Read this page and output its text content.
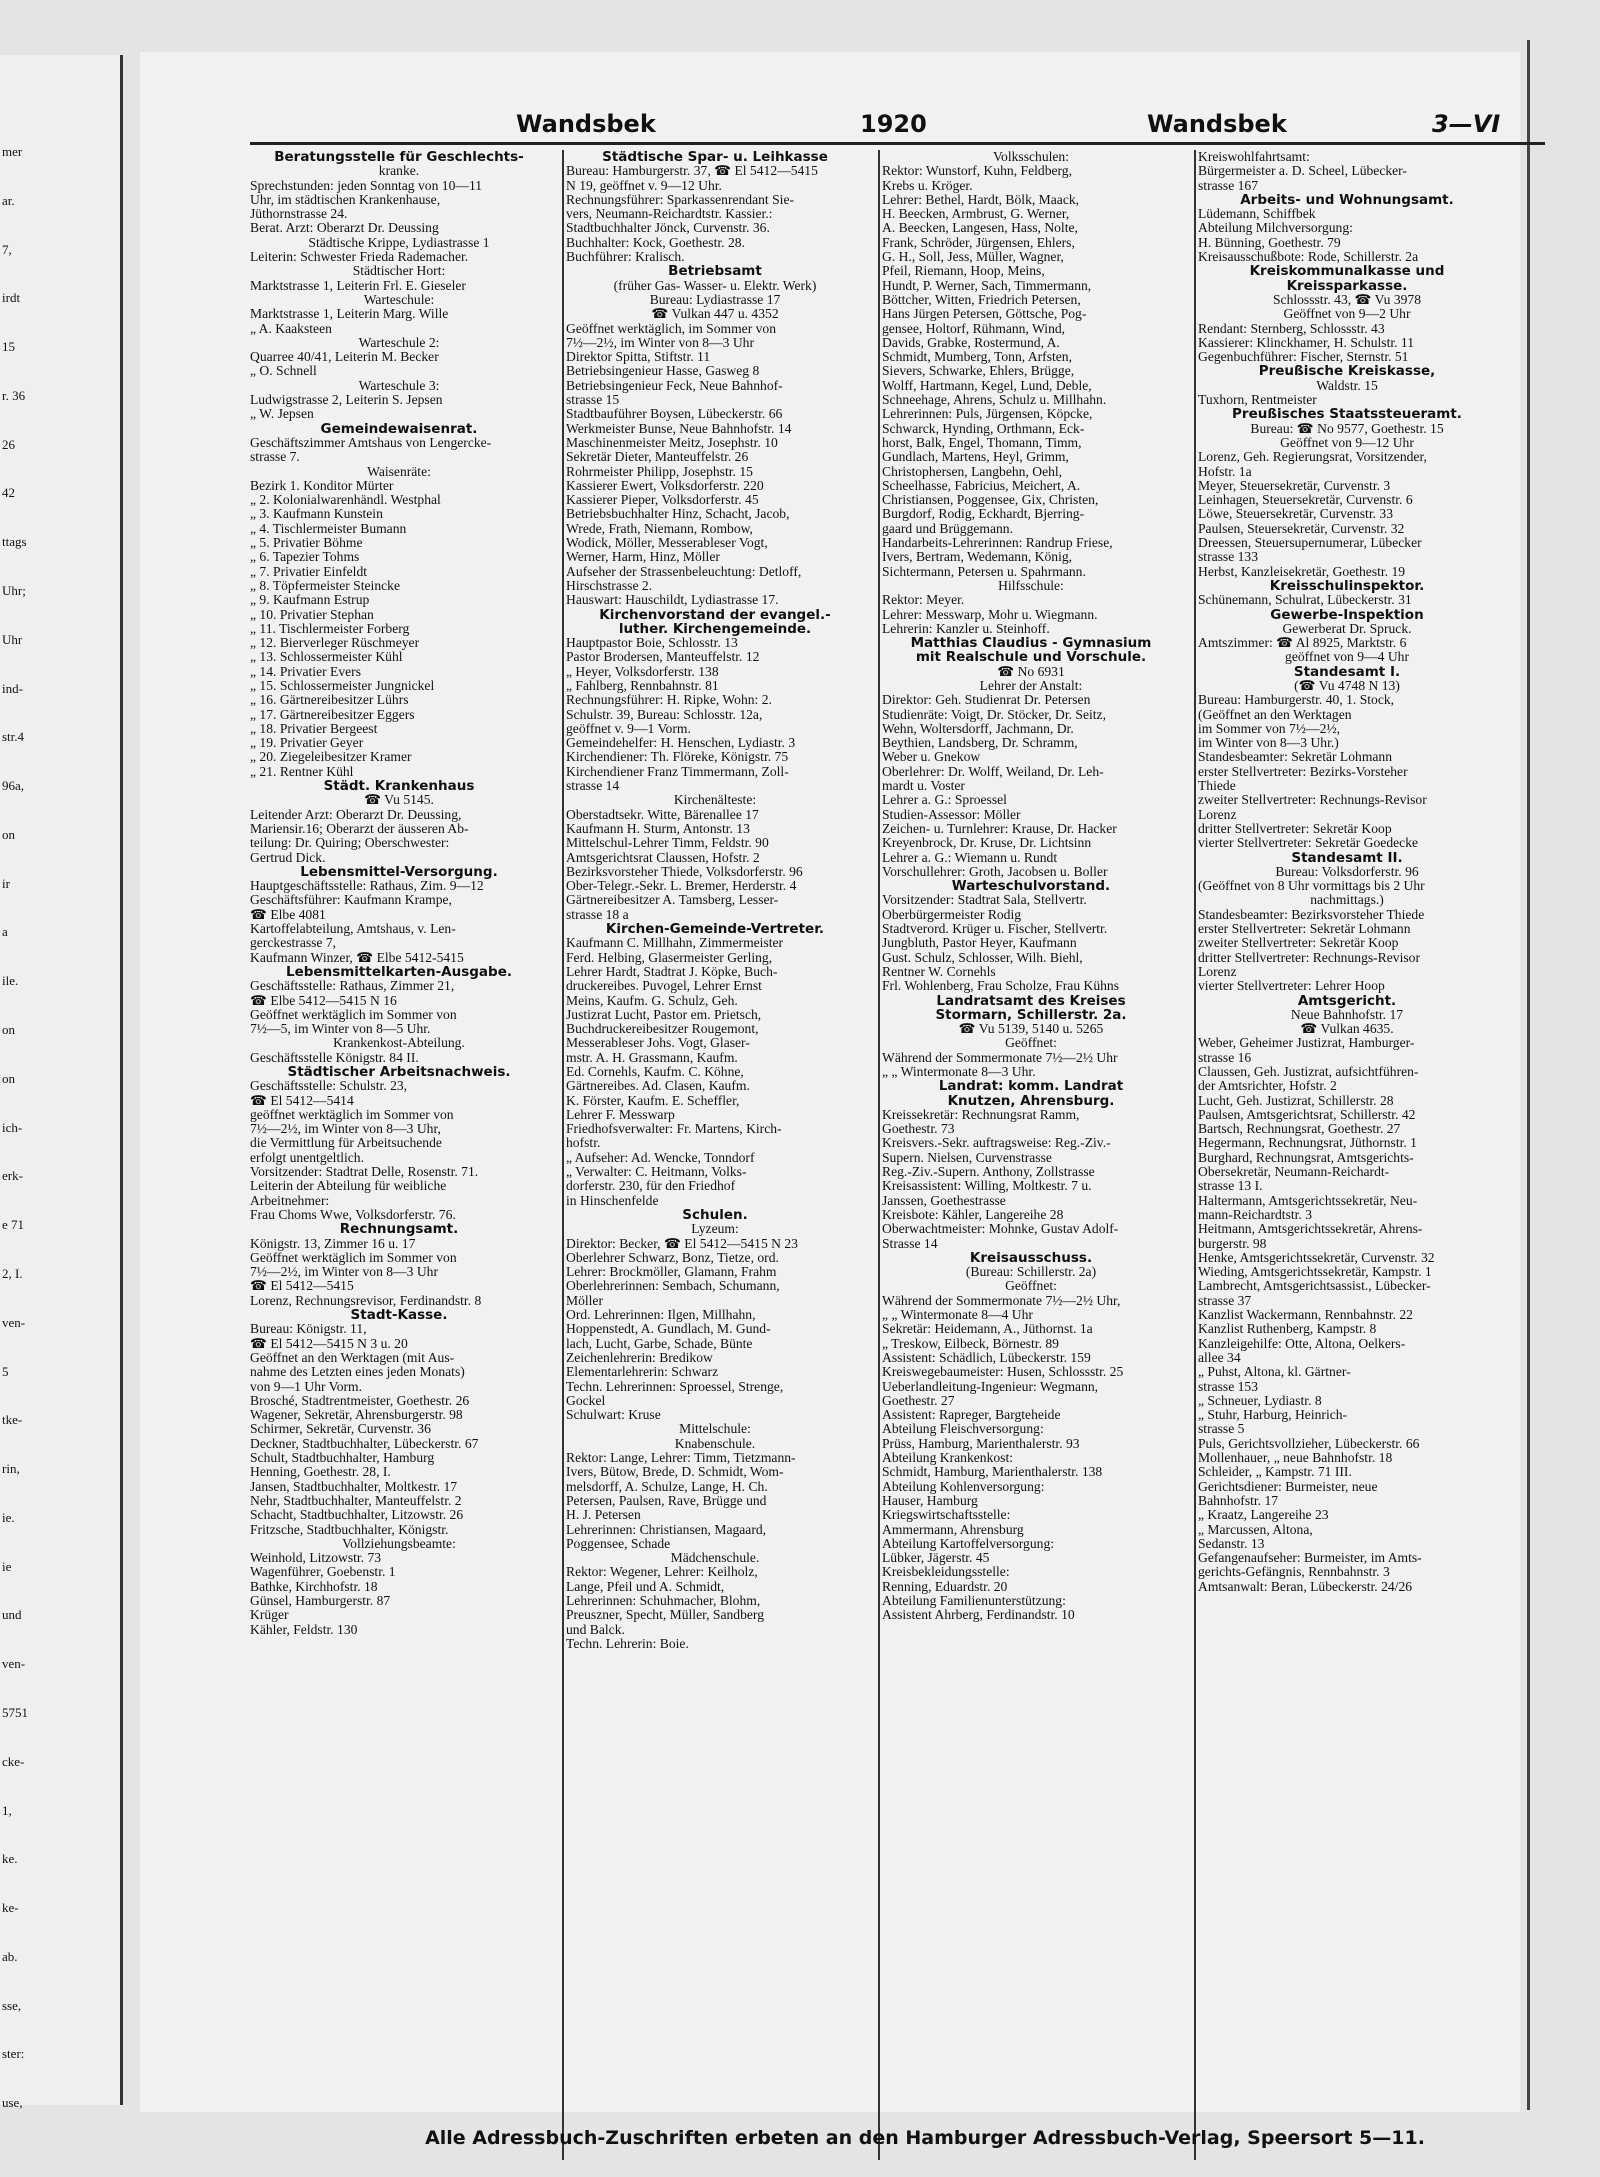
mer
ar.
7,
irdt
15
r. 36
26
42
ttags
Uhr;
Uhr
ind-
str.4
96a,
on
ir
a
ile.
on
on
ich-
erk-
e 71
2, I.
ven-
5
tke-
rin,
ie.
ie
und
ven-
5751
cke-
1,
ke.
ke-
ab.
sse,
ster:
use,
Wandsbek	1920	Wandsbek	3—VI
Beratungsstelle für Geschlechts-
kranke.
Sprechstunden: jeden Sonntag von 10—11
Uhr, im städtischen Krankenhause,
Jüthornstrasse 24.
Berat. Arzt: Oberarzt Dr. Deussing
Städtische Krippe, Lydiastrasse 1
Leiterin: Schwester Frieda Rademacher.
Städtischer Hort:
Marktstrasse 1, Leiterin Frl. E. Gieseler
Warteschule:
Marktstrasse 1, Leiterin Marg. Wille
„ A. Kaaksteen
Warteschule 2:
Quarree 40/41, Leiterin M. Becker
„ O. Schnell
Warteschule 3:
Ludwigstrasse 2, Leiterin S. Jepsen
„ W. Jepsen
Gemeindewaisenrat.
Geschäftszimmer Amtshaus von Lengercke-
strasse 7.
Waisenräte:
Bezirk 1. Konditor Mürter
„ 2. Kolonialwarenhändl. Westphal
„ 3. Kaufmann Kunstein
„ 4. Tischlermeister Bumann
„ 5. Privatier Böhme
„ 6. Tapezier Tohms
„ 7. Privatier Einfeldt
„ 8. Töpfermeister Steincke
„ 9. Kaufmann Estrup
„ 10. Privatier Stephan
„ 11. Tischlermeister Forberg
„ 12. Bierverleger Rüschmeyer
„ 13. Schlossermeister Kühl
„ 14. Privatier Evers
„ 15. Schlossermeister Jungnickel
„ 16. Gärtnereibesitzer Lührs
„ 17. Gärtnereibesitzer Eggers
„ 18. Privatier Bergeest
„ 19. Privatier Geyer
„ 20. Ziegeleibesitzer Kramer
„ 21. Rentner Kühl
Städt. Krankenhaus
☎ Vu 5145.
Leitender Arzt: Oberarzt Dr. Deussing,
Mariensir.16; Oberarzt der äusseren Ab-
teilung: Dr. Quiring; Oberschwester:
Gertrud Dick.
Lebensmittel-Versorgung.
Hauptgeschäftsstelle: Rathaus, Zim. 9—12
Geschäftsführer: Kaufmann Krampe,
☎ Elbe 4081
Kartoffelabteilung, Amtshaus, v. Len-
gerckestrasse 7,
Kaufmann Winzer, ☎ Elbe 5412-5415
Lebensmittelkarten-Ausgabe.
Geschäftsstelle: Rathaus, Zimmer 21,
☎ Elbe 5412—5415 N 16
Geöffnet werktäglich im Sommer von
7½—5, im Winter von 8—5 Uhr.
Krankenkost-Abteilung.
Geschäftsstelle Königstr. 84 II.
Städtischer Arbeitsnachweis.
Geschäftsstelle: Schulstr. 23,
☎ El 5412—5414
geöffnet werktäglich im Sommer von
7½—2½, im Winter von 8—3 Uhr,
die Vermittlung für Arbeitsuchende
erfolgt unentgeltlich.
Vorsitzender: Stadtrat Delle, Rosenstr. 71.
Leiterin der Abteilung für weibliche
Arbeitnehmer:
Frau Choms Wwe, Volksdorferstr. 76.
Rechnungsamt.
Königstr. 13, Zimmer 16 u. 17
Geöffnet werktäglich im Sommer von
7½—2½, im Winter von 8—3 Uhr
☎ El 5412—5415
Lorenz, Rechnungsrevisor, Ferdinandstr. 8
Stadt-Kasse.
Bureau: Königstr. 11,
☎ El 5412—5415 N 3 u. 20
Geöffnet an den Werktagen (mit Aus-
nahme des Letzten eines jeden Monats)
von 9—1 Uhr Vorm.
Brosché, Stadtrentmeister, Goethestr. 26
Wagener, Sekretär, Ahrensburgerstr. 98
Schirmer, Sekretär, Curvenstr. 36
Deckner, Stadtbuchhalter, Lübeckerstr. 67
Schult, Stadtbuchhalter, Hamburg
Henning, Goethestr. 28, I.
Jansen, Stadtbuchhalter, Moltkestr. 17
Nehr, Stadtbuchhalter, Manteuffelstr. 2
Schacht, Stadtbuchhalter, Litzowstr. 26
Fritzsche, Stadtbuchhalter, Königstr.
Vollziehungsbeamte:
Weinhold, Litzowstr. 73
Wagenführer, Goebenstr. 1
Bathke, Kirchhofstr. 18
Günsel, Hamburgerstr. 87
Krüger
Kähler, Feldstr. 130
Städtische Spar- u. Leihkasse
Bureau: Hamburgerstr. 37, ☎ El 5412—5415
N 19, geöffnet v. 9—12 Uhr.
Rechnungsführer: Sparkassenrendant Sie-
vers, Neumann-Reichardtstr. Kassier.:
Stadtbuchhalter Jönck, Curvenstr. 36.
Buchhalter: Kock, Goethestr. 28.
Buchführer: Kralisch.
Betriebsamt
(früher Gas- Wasser- u. Elektr. Werk)
Bureau: Lydiastrasse 17
☎ Vulkan 447 u. 4352
Geöffnet werktäglich, im Sommer von
7½—2½, im Winter von 8—3 Uhr
Direktor Spitta, Stiftstr. 11
Betriebsingenieur Hasse, Gasweg 8
Betriebsingenieur Feck, Neue Bahnhof-
strasse 15
Stadtbauführer Boysen, Lübeckerstr. 66
Werkmeister Bunse, Neue Bahnhofstr. 14
Maschinenmeister Meitz, Josephstr. 10
Sekretär Dieter, Manteuffelstr. 26
Rohrmeister Philipp, Josephstr. 15
Kassierer Ewert, Volksdorferstr. 220
Kassierer Pieper, Volksdorferstr. 45
Betriebsbuchhalter Hinz, Schacht, Jacob,
Wrede, Frath, Niemann, Rombow,
Wodick, Möller, Messerableser Vogt,
Werner, Harm, Hinz, Möller
Aufseher der Strassenbeleuchtung: Detloff,
Hirschstrasse 2.
Hauswart: Hauschildt, Lydiastrasse 17.
Kirchenvorstand der evangel.-
luther. Kirchengemeinde.
Hauptpastor Boie, Schlosstr. 13
Pastor Brodersen, Manteuffelstr. 12
„ Heyer, Volksdorferstr. 138
„ Fahlberg, Rennbahnstr. 81
Rechnungsführer: H. Ripke, Wohn: 2.
Schulstr. 39, Bureau: Schlosstr. 12a,
geöffnet v. 9—1 Vorm.
Gemeindehelfer: H. Henschen, Lydiastr. 3
Kirchendiener: Th. Flöreke, Königstr. 75
Kirchendiener Franz Timmermann, Zoll-
strasse 14
Kirchenälteste:
Oberstadtsekr. Witte, Bärenallee 17
Kaufmann H. Sturm, Antonstr. 13
Mittelschul-Lehrer Timm, Feldstr. 90
Amtsgerichtsrat Claussen, Hofstr. 2
Bezirksvorsteher Thiede, Volksdorferstr. 96
Ober-Telegr.-Sekr. L. Bremer, Herderstr. 4
Gärtnereibesitzer A. Tamsberg, Lesser-
strasse 18 a
Kirchen-Gemeinde-Vertreter.
Kaufmann C. Millhahn, Zimmermeister
Ferd. Helbing, Glasermeister Gerling,
Lehrer Hardt, Stadtrat J. Köpke, Buch-
druckereibes. Puvogel, Lehrer Ernst
Meins, Kaufm. G. Schulz, Geh.
Justizrat Lucht, Pastor em. Prietsch,
Buchdruckereibesitzer Rougemont,
Messerableser Johs. Vogt, Glaser-
mstr. A. H. Grassmann, Kaufm.
Ed. Cornehls, Kaufm. C. Köhne,
Gärtnereibes. Ad. Clasen, Kaufm.
K. Förster, Kaufm. E. Scheffler,
Lehrer F. Messwarp
Friedhofsverwalter: Fr. Martens, Kirch-
hofstr.
„ Aufseher: Ad. Wencke, Tonndorf
„ Verwalter: C. Heitmann, Volks-
dorferstr. 230, für den Friedhof
in Hinschenfelde
Schulen.
Lyzeum:
Direktor: Becker, ☎ El 5412—5415 N 23
Oberlehrer Schwarz, Bonz, Tietze, ord.
Lehrer: Brockmöller, Glamann, Frahm
Oberlehrerinnen: Sembach, Schumann,
Möller
Ord. Lehrerinnen: Ilgen, Millhahn,
Hoppenstedt, A. Gundlach, M. Gund-
lach, Lucht, Garbe, Schade, Bünte
Zeichenlehrerin: Bredikow
Elementarlehrerin: Schwarz
Techn. Lehrerinnen: Sproessel, Strenge,
Gockel
Schulwart: Kruse
Mittelschule:
Knabenschule.
Rektor: Lange, Lehrer: Timm, Tietzmann-
Ivers, Bütow, Brede, D. Schmidt, Wom-
melsdorff, A. Schulze, Lange, H. Ch.
Petersen, Paulsen, Rave, Brügge und
H. J. Petersen
Lehrerinnen: Christiansen, Magaard,
Poggensee, Schade
Mädchenschule.
Rektor: Wegener, Lehrer: Keilholz,
Lange, Pfeil und A. Schmidt,
Lehrerinnen: Schuhmacher, Blohm,
Preuszner, Specht, Müller, Sandberg
und Balck.
Techn. Lehrerin: Boie.
Volksschulen:
Rektor: Wunstorf, Kuhn, Feldberg,
Krebs u. Kröger.
Lehrer: Bethel, Hardt, Bölk, Maack,
H. Beecken, Armbrust, G. Werner,
A. Beecken, Langesen, Hass, Nolte,
Frank, Schröder, Jürgensen, Ehlers,
G. H., Soll, Jess, Müller, Wagner,
Pfeil, Riemann, Hoop, Meins,
Hundt, P. Werner, Sach, Timmermann,
Böttcher, Witten, Friedrich Petersen,
Hans Jürgen Petersen, Göttsche, Pog-
gensee, Holtorf, Rühmann, Wind,
Davids, Grabke, Rostermund, A.
Schmidt, Mumberg, Tonn, Arfsten,
Sievers, Schwarke, Ehlers, Brügge,
Wolff, Hartmann, Kegel, Lund, Deble,
Schneehage, Ahrens, Schulz u. Millhahn.
Lehrerinnen: Puls, Jürgensen, Köpcke,
Schwarck, Hynding, Orthmann, Eck-
horst, Balk, Engel, Thomann, Timm,
Gundlach, Martens, Heyl, Grimm,
Christophersen, Langbehn, Oehl,
Scheelhasse, Fabricius, Meichert, A.
Christiansen, Poggensee, Gix, Christen,
Burgdorf, Rodig, Eckhardt, Bjerring-
gaard und Brüggemann.
Handarbeits-Lehrerinnen: Randrup Friese,
Ivers, Bertram, Wedemann, König,
Sichtermann, Petersen u. Spahrmann.
Hilfsschule:
Rektor: Meyer.
Lehrer: Messwarp, Mohr u. Wiegmann.
Lehrerin: Kanzler u. Steinhoff.
Matthias Claudius - Gymnasium
mit Realschule und Vorschule.
☎ No 6931
Lehrer der Anstalt:
Direktor: Geh. Studienrat Dr. Petersen
Studienräte: Voigt, Dr. Stöcker, Dr. Seitz,
Wehn, Woltersdorff, Jachmann, Dr.
Beythien, Landsberg, Dr. Schramm,
Weber u. Gnekow
Oberlehrer: Dr. Wolff, Weiland, Dr. Leh-
mardt u. Voster
Lehrer a. G.: Sproessel
Studien-Assessor: Möller
Zeichen- u. Turnlehrer: Krause, Dr. Hacker
Kreyenbrock, Dr. Kruse, Dr. Lichtsinn
Lehrer a. G.: Wiemann u. Rundt
Vorschullehrer: Groth, Jacobsen u. Boller
Warteschulvorstand.
Vorsitzender: Stadtrat Sala, Stellvertr.
Oberbürgermeister Rodig
Stadtverord. Krüger u. Fischer, Stellvertr.
Jungbluth, Pastor Heyer, Kaufmann
Gust. Schulz, Schlosser, Wilh. Biehl,
Rentner W. Cornehls
Frl. Wohlenberg, Frau Scholze, Frau Kühns
Landratsamt des Kreises
Stormarn, Schillerstr. 2a.
☎ Vu 5139, 5140 u. 5265
Geöffnet:
Während der Sommermonate 7½—2½ Uhr
„ „ Wintermonate 8—3 Uhr.
Landrat: komm. Landrat
Knutzen, Ahrensburg.
Kreissekretär: Rechnungsrat Ramm,
Goethestr. 73
Kreisvers.-Sekr. auftragsweise: Reg.-Ziv.-
Supern. Nielsen, Curvenstrasse
Reg.-Ziv.-Supern. Anthony, Zollstrasse
Kreisassistent: Willing, Moltkestr. 7 u.
Janssen, Goethestrasse
Kreisbote: Kähler, Langereihe 28
Oberwachtmeister: Mohnke, Gustav Adolf-
Strasse 14
Kreisausschuss.
(Bureau: Schillerstr. 2a)
Geöffnet:
Während der Sommermonate 7½—2½ Uhr,
„ „ Wintermonate 8—4 Uhr
Sekretär: Heidemann, A., Jüthornst. 1a
„ Treskow, Eilbeck, Börnestr. 89
Assistent: Schädlich, Lübeckerstr. 159
Kreiswegebaumeister: Husen, Schlossstr. 25
Ueberlandleitung-Ingenieur: Wegmann,
Goethestr. 27
Assistent: Rapreger, Bargteheide
Abteilung Fleischversorgung:
Prüss, Hamburg, Marienthalerstr. 93
Abteilung Krankenkost:
Schmidt, Hamburg, Marienthalerstr. 138
Abteilung Kohlenversorgung:
Hauser, Hamburg
Kriegswirtschaftsstelle:
Ammermann, Ahrensburg
Abteilung Kartoffelversorgung:
Lübker, Jägerstr. 45
Kreisbekleidungsstelle:
Renning, Eduardstr. 20
Abteilung Familienunterstützung:
Assistent Ahrberg, Ferdinandstr. 10
Kreiswohlfahrtsamt:
Bürgermeister a. D. Scheel, Lübecker-
strasse 167
Arbeits- und Wohnungsamt.
Lüdemann, Schiffbek
Abteilung Milchversorgung:
H. Bünning, Goethestr. 79
Kreisausschußbote: Rode, Schillerstr. 2a
Kreiskommunalkasse und
Kreissparkasse.
Schlossstr. 43, ☎ Vu 3978
Geöffnet von 9—2 Uhr
Rendant: Sternberg, Schlossstr. 43
Kassierer: Klinckhamer, H. Schulstr. 11
Gegenbuchführer: Fischer, Sternstr. 51
Preußische Kreiskasse,
Waldstr. 15
Tuxhorn, Rentmeister
Preußisches Staatssteueramt.
Bureau: ☎ No 9577, Goethestr. 15
Geöffnet von 9—12 Uhr
Lorenz, Geh. Regierungsrat, Vorsitzender,
Hofstr. 1a
Meyer, Steuersekretär, Curvenstr. 3
Leinhagen, Steuersekretär, Curvenstr. 6
Löwe, Steuersekretär, Curvenstr. 33
Paulsen, Steuersekretär, Curvenstr. 32
Dreessen, Steuersupernumerar, Lübecker
strasse 133
Herbst, Kanzleisekretär, Goethestr. 19
Kreisschulinspektor.
Schünemann, Schulrat, Lübeckerstr. 31
Gewerbe-Inspektion
Gewerberat Dr. Spruck.
Amtszimmer: ☎ Al 8925, Marktstr. 6
geöffnet von 9—4 Uhr
Standesamt I.
(☎ Vu 4748 N 13)
Bureau: Hamburgerstr. 40, 1. Stock,
(Geöffnet an den Werktagen
im Sommer von 7½—2½,
im Winter von 8—3 Uhr.)
Standesbeamter: Sekretär Lohmann
erster Stellvertreter: Bezirks-Vorsteher
Thiede
zweiter Stellvertreter: Rechnungs-Revisor
Lorenz
dritter Stellvertreter: Sekretär Koop
vierter Stellvertreter: Sekretär Goedecke
Standesamt II.
Bureau: Volksdorferstr. 96
(Geöffnet von 8 Uhr vormittags bis 2 Uhr
nachmittags.)
Standesbeamter: Bezirksvorsteher Thiede
erster Stellvertreter: Sekretär Lohmann
zweiter Stellvertreter: Sekretär Koop
dritter Stellvertreter: Rechnungs-Revisor
Lorenz
vierter Stellvertreter: Lehrer Hoop
Amtsgericht.
Neue Bahnhofstr. 17
☎ Vulkan 4635.
Weber, Geheimer Justizrat, Hamburger-
strasse 16
Claussen, Geh. Justizrat, aufsichtführen-
der Amtsrichter, Hofstr. 2
Lucht, Geh. Justizrat, Schillerstr. 28
Paulsen, Amtsgerichtsrat, Schillerstr. 42
Bartsch, Rechnungsrat, Goethestr. 27
Hegermann, Rechnungsrat, Jüthornstr. 1
Burghard, Rechnungsrat, Amtsgerichts-
Obersekretär, Neumann-Reichardt-
strasse 13 I.
Haltermann, Amtsgerichtssekretär, Neu-
mann-Reichardtstr. 3
Heitmann, Amtsgerichtssekretär, Ahrens-
burgerstr. 98
Henke, Amtsgerichtssekretär, Curvenstr. 32
Wieding, Amtsgerichtssekretär, Kampstr. 1
Lambrecht, Amtsgerichtsassist., Lübecker-
strasse 37
Kanzlist Wackermann, Rennbahnstr. 22
Kanzlist Ruthenberg, Kampstr. 8
Kanzleigehilfe: Otte, Altona, Oelkers-
allee 34
„ Puhst, Altona, kl. Gärtner-
strasse 153
„ Schneuer, Lydiastr. 8
„ Stuhr, Harburg, Heinrich-
strasse 5
Puls, Gerichtsvollzieher, Lübeckerstr. 66
Mollenhauer, „ neue Bahnhofstr. 18
Schleider, „ Kampstr. 71 III.
Gerichtsdiener: Burmeister, neue
Bahnhofstr. 17
„ Kraatz, Langereihe 23
„ Marcussen, Altona,
Sedanstr. 13
Gefangenaufseher: Burmeister, im Amts-
gerichts-Gefängnis, Rennbahnstr. 3
Amtsanwalt: Beran, Lübeckerstr. 24/26
Alle Adressbuch-Zuschriften erbeten an den Hamburger Adressbuch-Verlag, Speersort 5—11.
